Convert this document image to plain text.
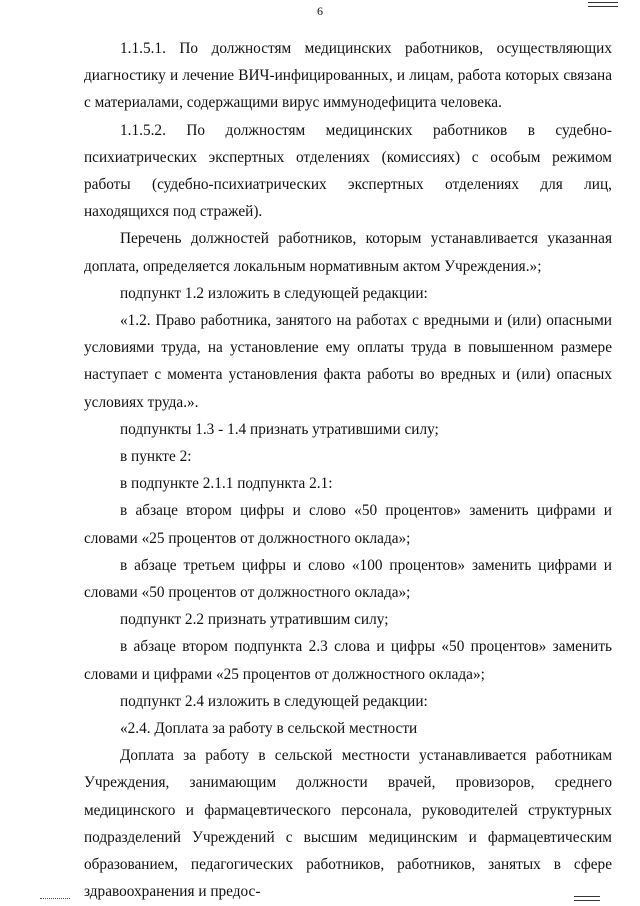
6

1.1.5.1. По должностям медицинских работников, осуществляющих диагностику и лечение ВИЧ-инфицированных, и лицам, работа которых связана с материалами, содержащими вирус иммунодефицита человека.

1.1.5.2. По должностям медицинских работников в судебно-психиатрических экспертных отделениях (комиссиях) с особым режимом работы (судебно-психиатрических экспертных отделениях для лиц, находящихся под стражей).

Перечень должностей работников, которым устанавливается указанная доплата, определяется локальным нормативным актом Учреждения.»;

подпункт 1.2 изложить в следующей редакции:

«1.2. Право работника, занятого на работах с вредными и (или) опасными условиями труда, на установление ему оплаты труда в повышенном размере наступает с момента установления факта работы во вредных и (или) опасных условиях труда.».

подпункты 1.3 - 1.4 признать утратившими силу;

в пункте 2:

в подпункте 2.1.1 подпункта 2.1:

в абзаце втором цифры и слово «50 процентов» заменить цифрами и словами «25 процентов от должностного оклада»;

в абзаце третьем цифры и слово «100 процентов» заменить цифрами и словами «50 процентов от должностного оклада»;

подпункт 2.2 признать утратившим силу;

в абзаце втором подпункта 2.3 слова и цифры «50 процентов» заменить словами и цифрами «25 процентов от должностного оклада»;

подпункт 2.4 изложить в следующей редакции:

«2.4. Доплата за работу в сельской местности

Доплата за работу в сельской местности устанавливается работникам Учреждения, занимающим должности врачей, провизоров, среднего медицинского и фармацевтического персонала, руководителей структурных подразделений Учреждений с высшим медицинским и фармацевтическим образованием, педагогических работников, работников, занятых в сфере здравоохранения и предос-
